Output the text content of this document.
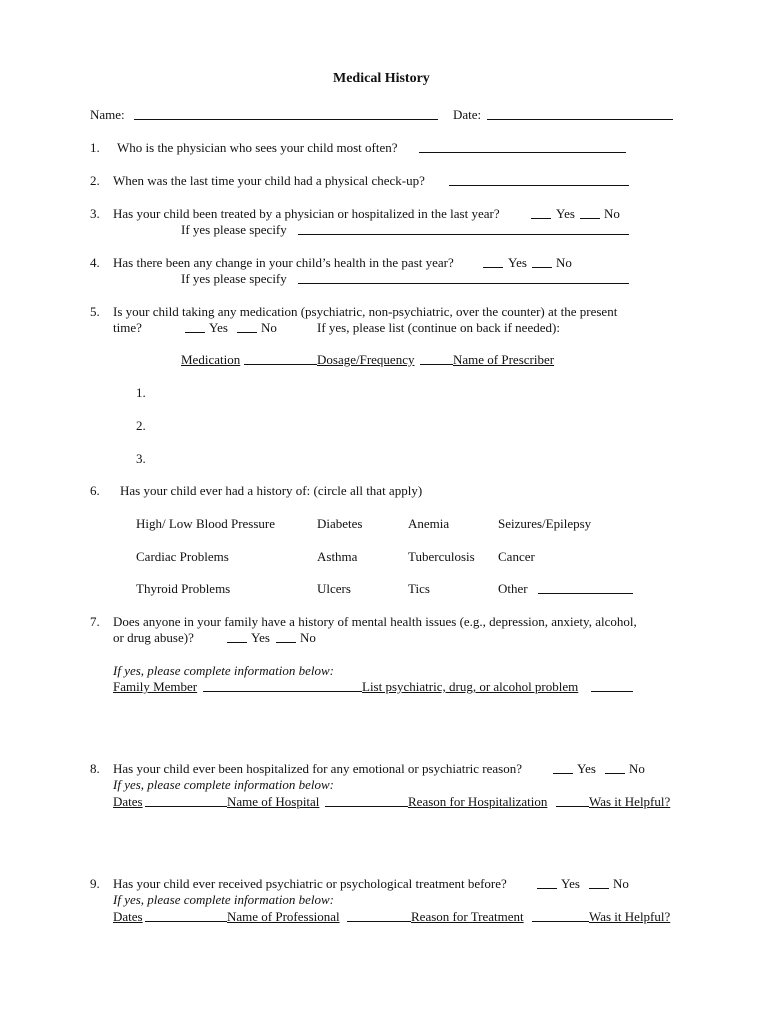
Medical History
Name:	Date:
1. Who is the physician who sees your child most often?
2. When was the last time your child had a physical check-up?
3. Has your child been treated by a physician or hospitalized in the last year?	Yes No
If yes please specify
4. Has there been any change in your child’s health in the past year?	Yes No
If yes please specify
5. Is your child taking any medication (psychiatric, non-psychiatric, over the counter) at the present
time?	Yes	No	If yes, please list (continue on back if needed):
Medication	Dosage/Frequency	Name of Prescriber
1.
2.
3.
6. Has your child ever had a history of: (circle all that apply)
High/ Low Blood Pressure	Diabetes	Anemia	Seizures/Epilepsy
Cardiac Problems	Asthma	Tuberculosis Cancer
Thyroid Problems	Ulcers	Tics	Other
7. Does anyone in your family have a history of mental health issues (e.g., depression, anxiety, alcohol,
or drug abuse)?	Yes No
If yes, please complete information below:
Family Member	List psychiatric, drug, or alcohol problem
8. Has your child ever been hospitalized for any emotional or psychiatric reason?	Yes	No
If yes, please complete information below:
Dates	Name of Hospital	Reason for Hospitalization	Was it Helpful?
9. Has your child ever received psychiatric or psychological treatment before?	Yes	No
If yes, please complete information below:
Dates	Name of Professional	Reason for Treatment	Was it Helpful?
